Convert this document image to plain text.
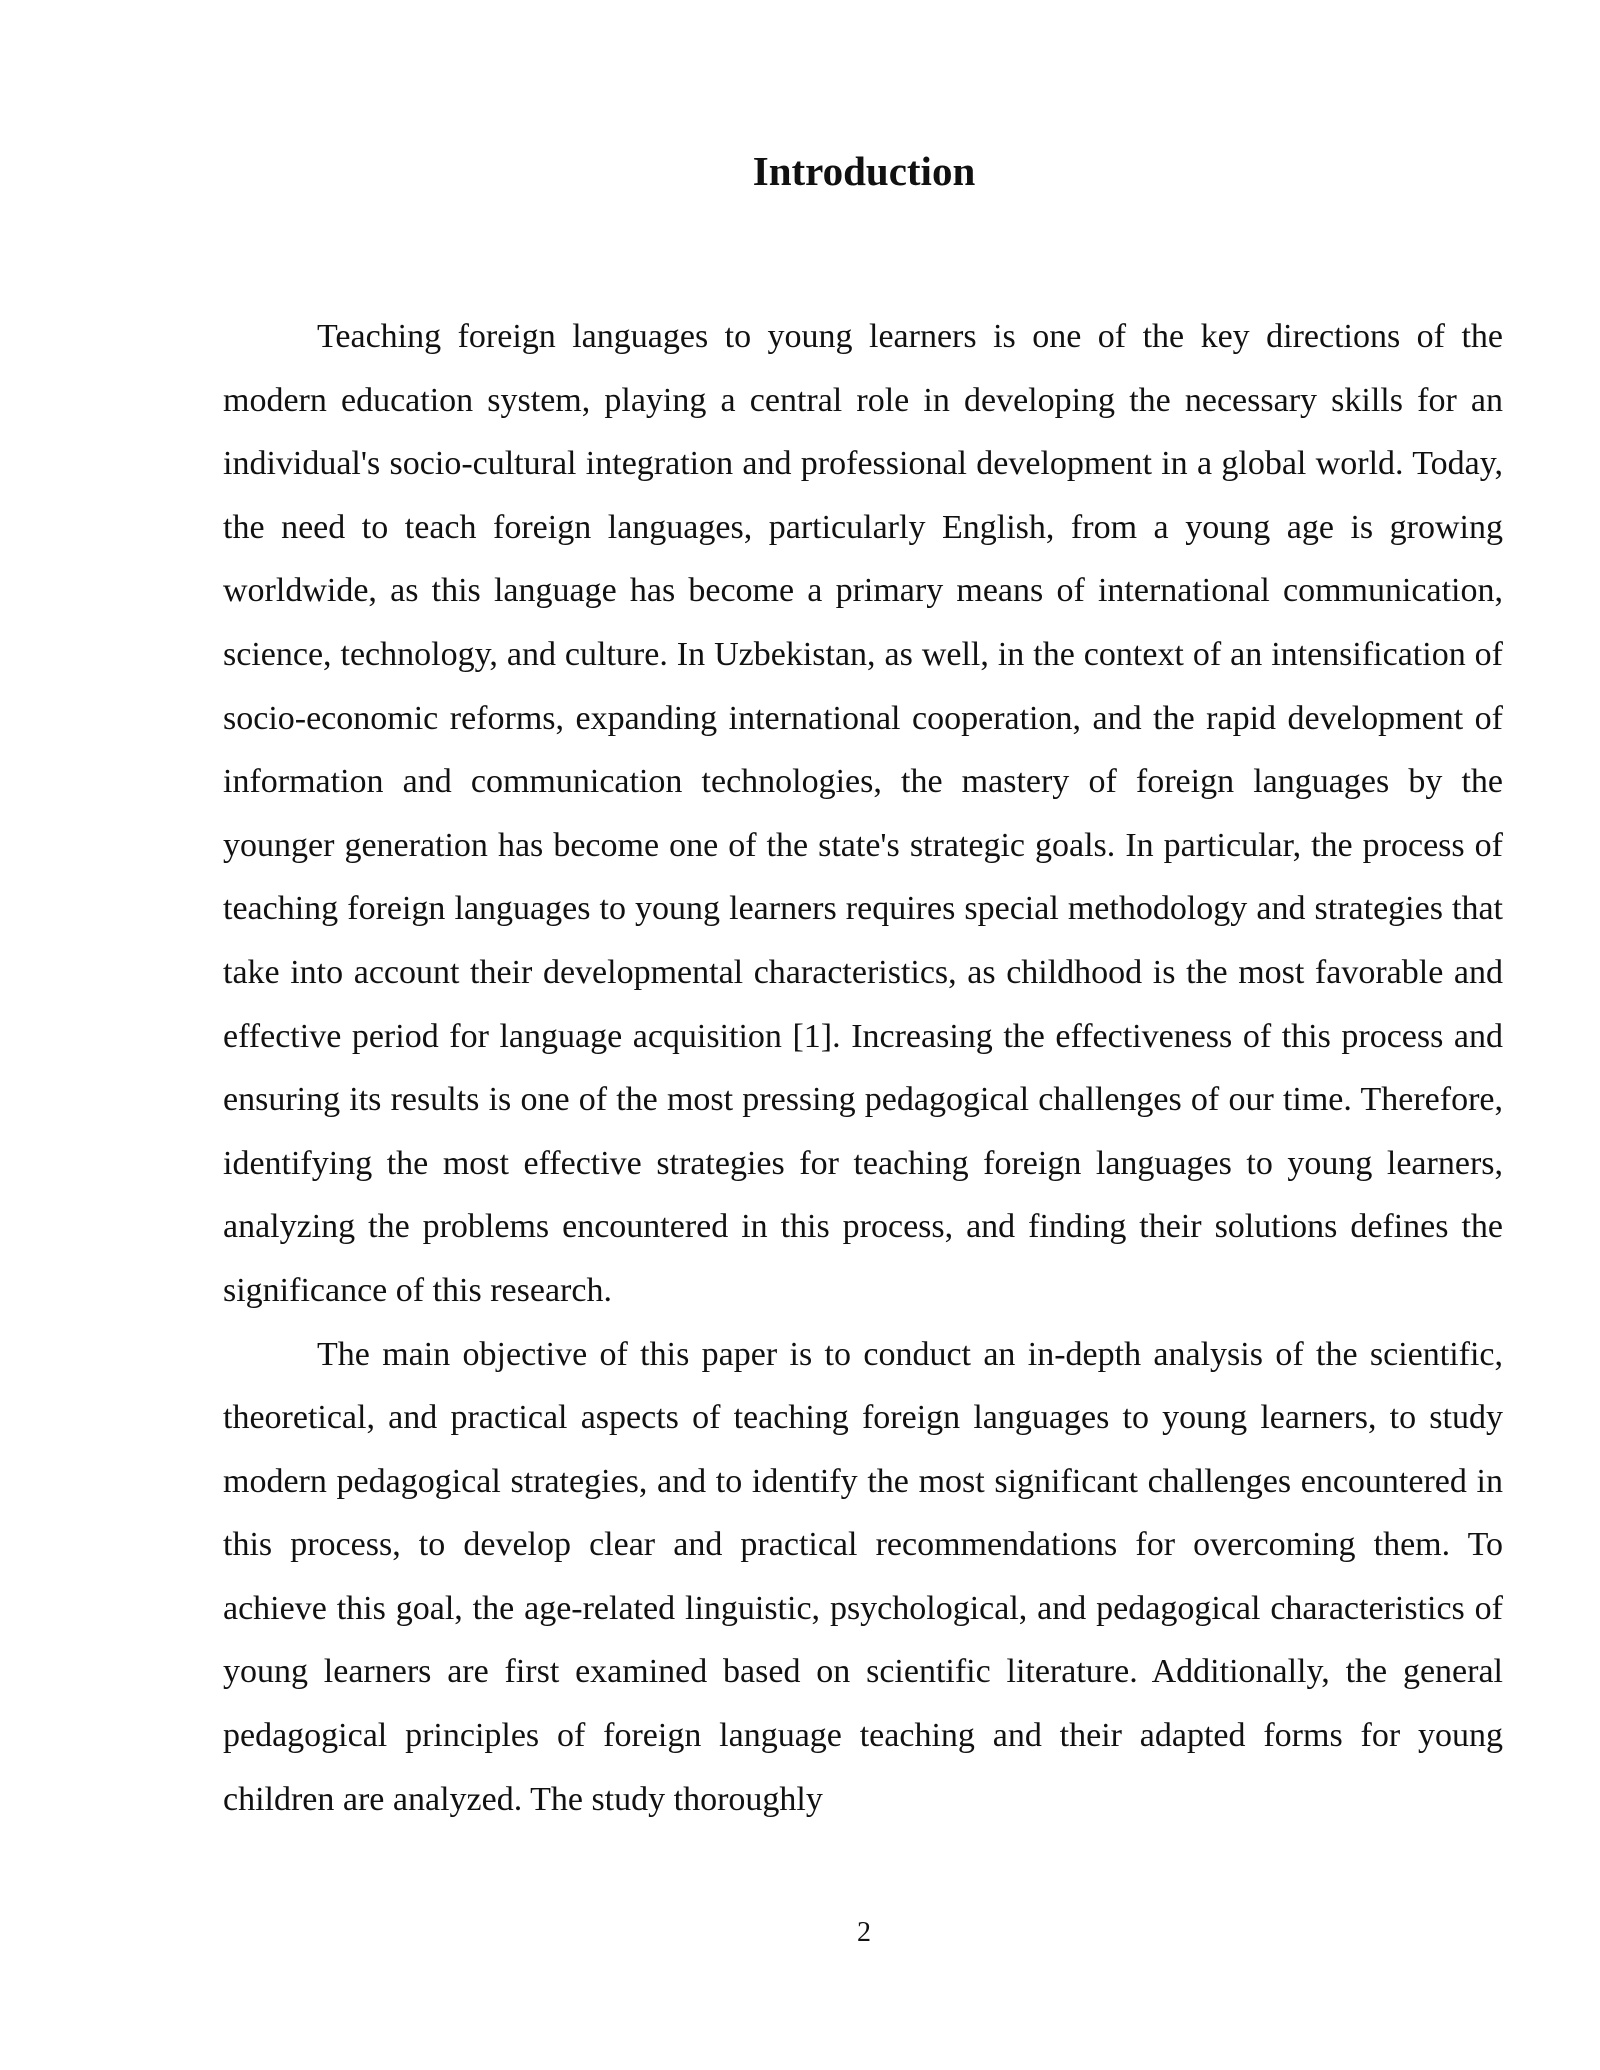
Introduction

Teaching foreign languages to young learners is one of the key directions of the modern education system, playing a central role in developing the necessary skills for an individual's socio-cultural integration and professional development in a global world. Today, the need to teach foreign languages, particularly English, from a young age is growing worldwide, as this language has become a primary means of international communication, science, technology, and culture. In Uzbekistan, as well, in the context of an intensification of socio-economic reforms, expanding international cooperation, and the rapid development of information and communication technologies, the mastery of foreign languages by the younger generation has become one of the state's strategic goals. In particular, the process of teaching foreign languages to young learners requires special methodology and strategies that take into account their developmental characteristics, as childhood is the most favorable and effective period for language acquisition [1]. Increasing the effectiveness of this process and ensuring its results is one of the most pressing pedagogical challenges of our time. Therefore, identifying the most effective strategies for teaching foreign languages to young learners, analyzing the problems encountered in this process, and finding their solutions defines the significance of this research.

The main objective of this paper is to conduct an in-depth analysis of the scientific, theoretical, and practical aspects of teaching foreign languages to young learners, to study modern pedagogical strategies, and to identify the most significant challenges encountered in this process, to develop clear and practical recommendations for overcoming them. To achieve this goal, the age-related linguistic, psychological, and pedagogical characteristics of young learners are first examined based on scientific literature. Additionally, the general pedagogical principles of foreign language teaching and their adapted forms for young children are analyzed. The study thoroughly

2
